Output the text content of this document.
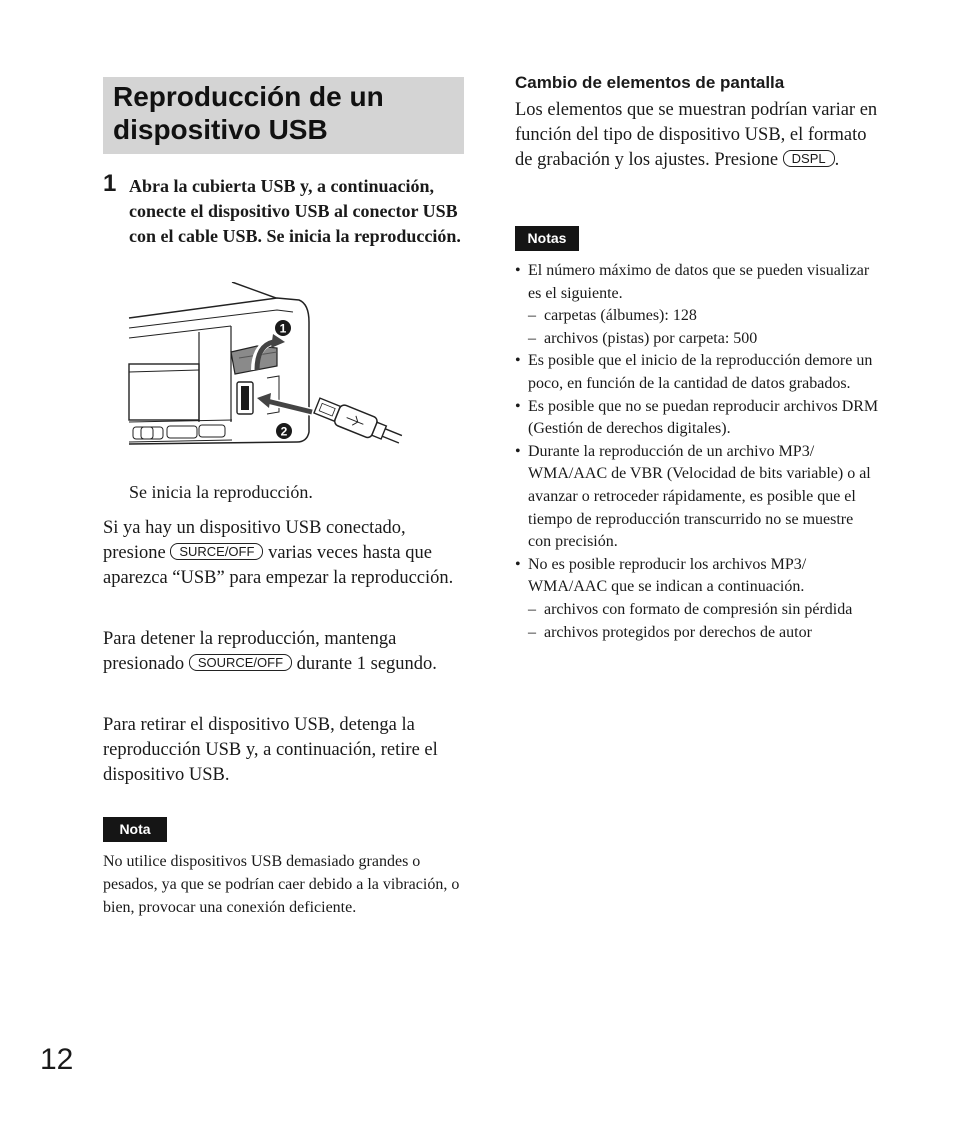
Reproducción de un
dispositivo USB
1 Abra la cubierta USB y, a continuación, conecte el dispositivo USB al conector USB con el cable USB. Se inicia la reproducción.
1
2
Se inicia la reproducción.
Si ya hay un dispositivo USB conectado, presione SURCE/OFF varias veces hasta que aparezca “USB” para empezar la reproducción.
Para detener la reproducción, mantenga presionado SOURCE/OFF durante 1 segundo.
Para retirar el dispositivo USB, detenga la reproducción USB y, a continuación, retire el dispositivo USB.
Nota
No utilice dispositivos USB demasiado grandes o pesados, ya que se podrían caer debido a la vibración, o bien, provocar una conexión deficiente.
12
Cambio de elementos de pantalla
Los elementos que se muestran podrían variar en función del tipo de dispositivo USB, el formato de grabación y los ajustes. Presione DSPL .
Notas
• El número máximo de datos que se pueden visualizar es el siguiente.
– carpetas (álbumes): 128
– archivos (pistas) por carpeta: 500
• Es posible que el inicio de la reproducción demore un poco, en función de la cantidad de datos grabados.
• Es posible que no se puedan reproducir archivos DRM (Gestión de derechos digitales).
• Durante la reproducción de un archivo MP3/ WMA/AAC de VBR (Velocidad de bits variable) o al avanzar o retroceder rápidamente, es posible que el tiempo de reproducción transcurrido no se muestre con precisión.
• No es posible reproducir los archivos MP3/ WMA/AAC que se indican a continuación.
– archivos con formato de compresión sin pérdida
– archivos protegidos por derechos de autor
